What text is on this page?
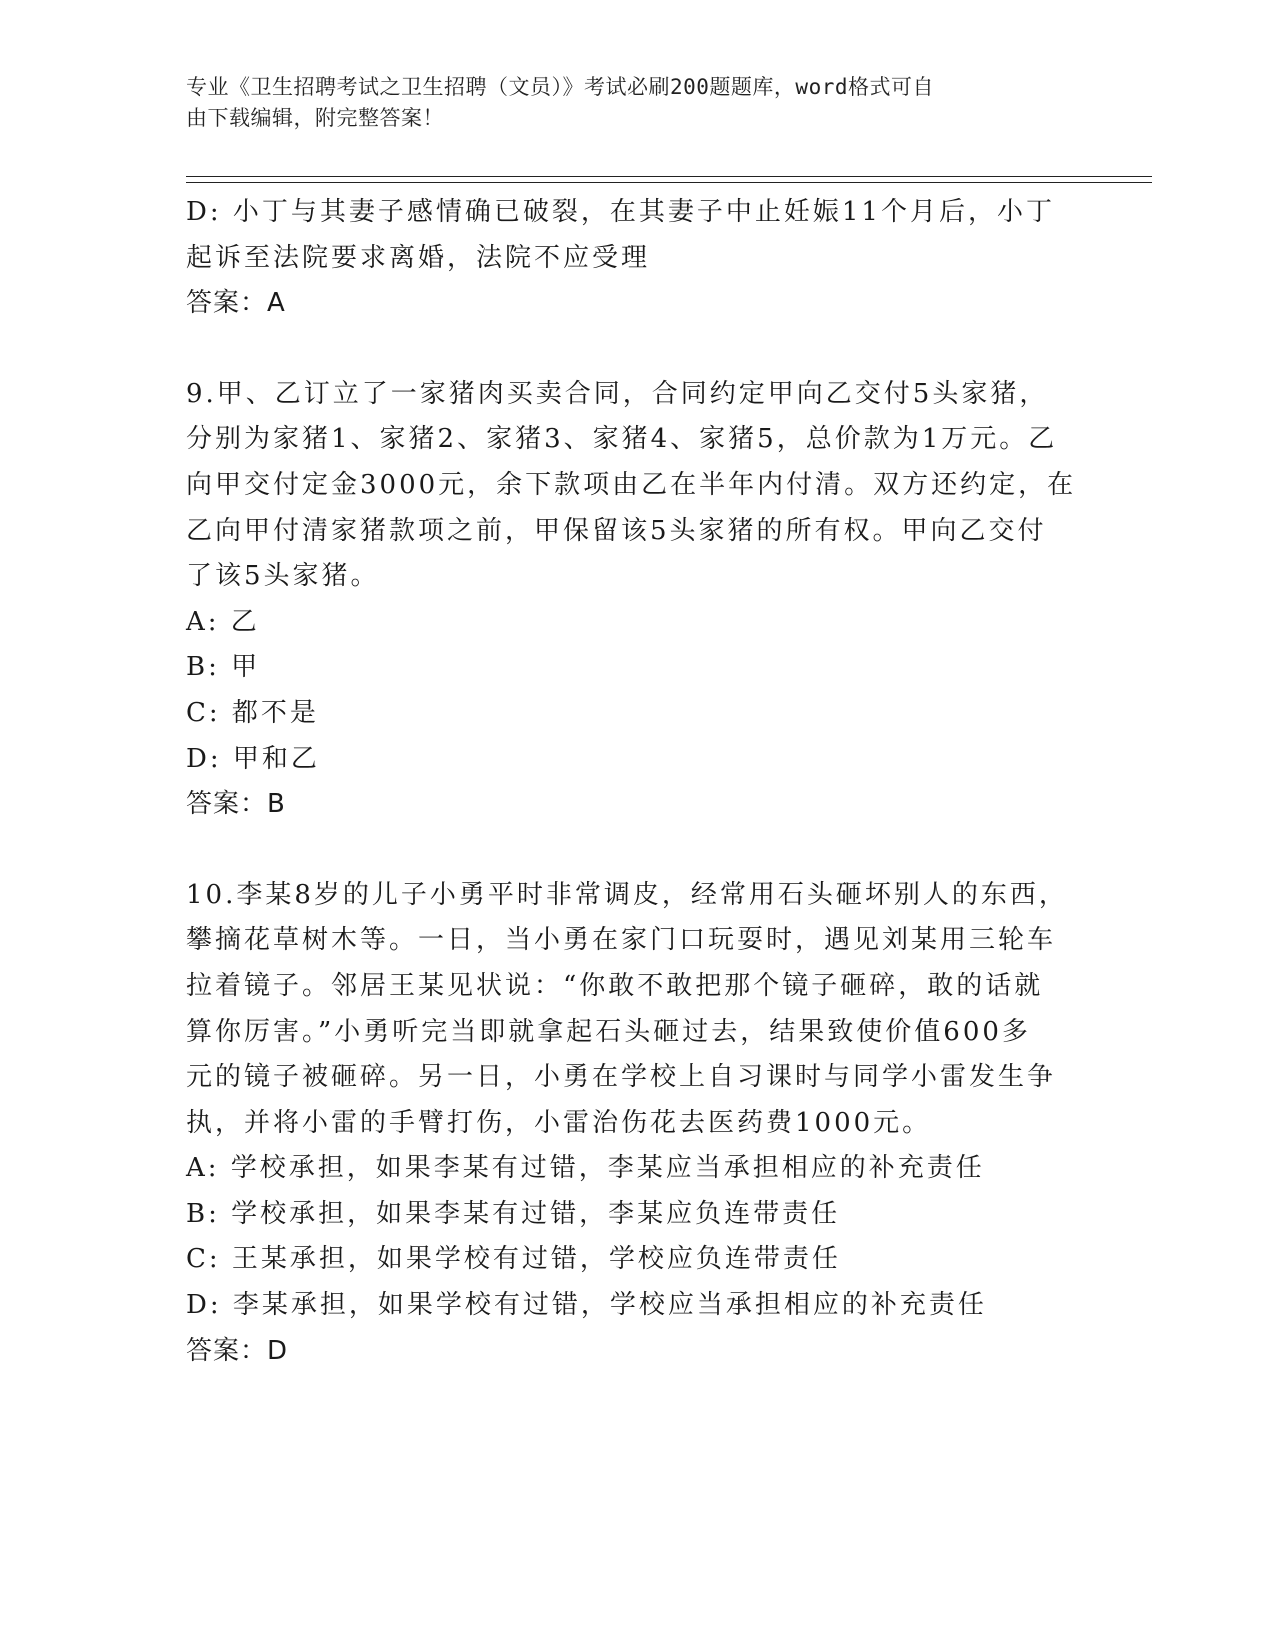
专业《卫生招聘考试之卫生招聘（文员）》考试必刷200题题库，word格式可自
由下载编辑，附完整答案！
D: 小丁与其妻子感情确已破裂，在其妻子中止妊娠11个月后，小丁
起诉至法院要求离婚，法院不应受理
答案：A
9.甲、乙订立了一家猪肉买卖合同，合同约定甲向乙交付5头家猪，
分别为家猪1、家猪2、家猪3、家猪4、家猪5，总价款为1万元。乙
向甲交付定金3000元，余下款项由乙在半年内付清。双方还约定，在
乙向甲付清家猪款项之前，甲保留该5头家猪的所有权。甲向乙交付
了该5头家猪。
A: 乙
B: 甲
C: 都不是
D: 甲和乙
答案：B
10.李某8岁的儿子小勇平时非常调皮，经常用石头砸坏别人的东西，
攀摘花草树木等。一日，当小勇在家门口玩耍时，遇见刘某用三轮车
拉着镜子。邻居王某见状说：“你敢不敢把那个镜子砸碎，敢的话就
算你厉害。”小勇听完当即就拿起石头砸过去，结果致使价值600多
元的镜子被砸碎。另一日，小勇在学校上自习课时与同学小雷发生争
执，并将小雷的手臂打伤，小雷治伤花去医药费1000元。
A: 学校承担，如果李某有过错，李某应当承担相应的补充责任
B: 学校承担，如果李某有过错，李某应负连带责任
C: 王某承担，如果学校有过错，学校应负连带责任
D: 李某承担，如果学校有过错，学校应当承担相应的补充责任
答案：D
